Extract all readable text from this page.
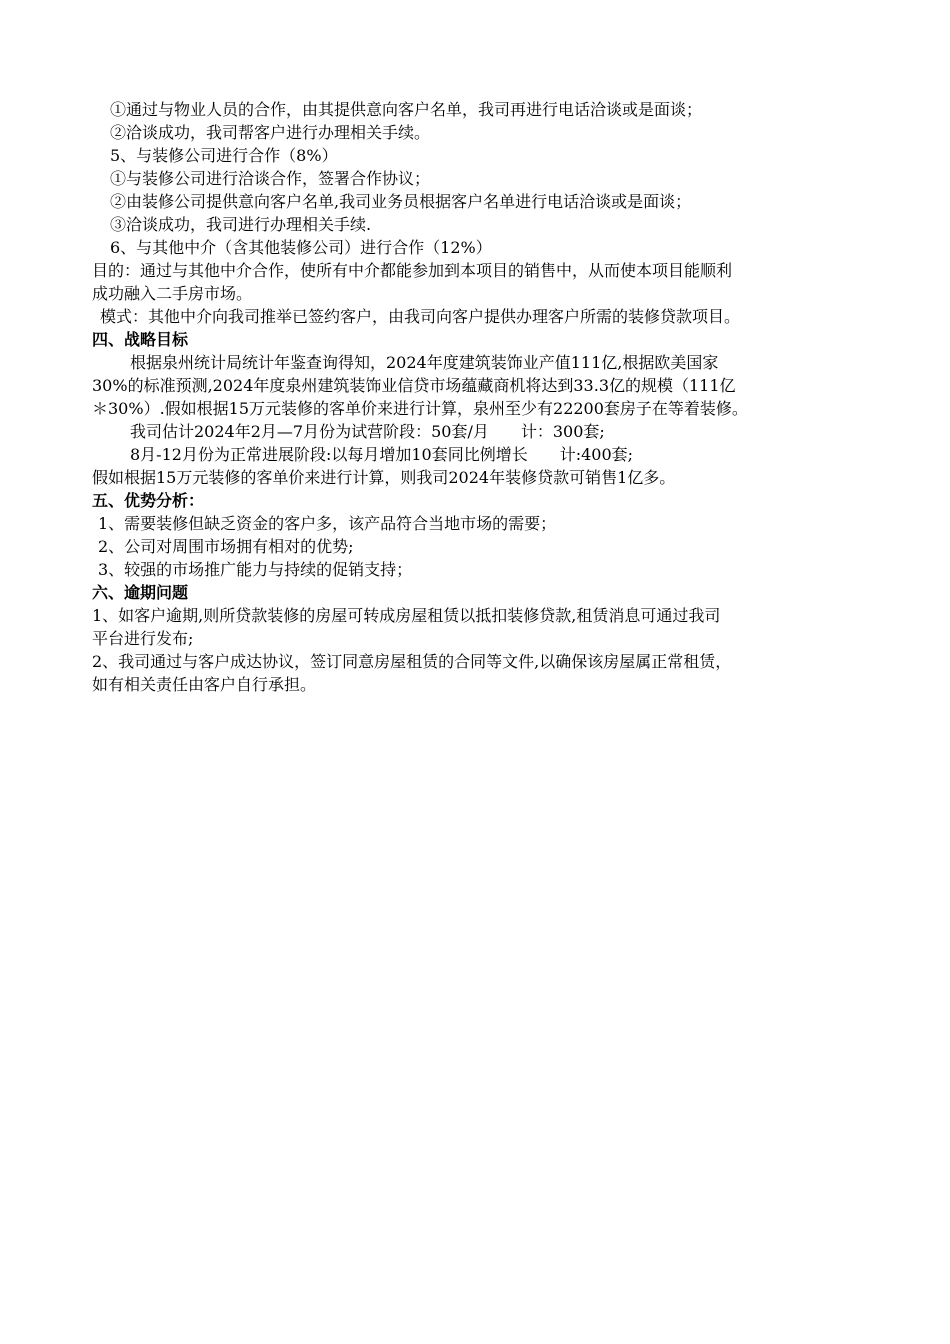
①通过与物业人员的合作，由其提供意向客户名单，我司再进行电话洽谈或是面谈；
②洽谈成功，我司帮客户进行办理相关手续。
5、与装修公司进行合作（8%）
①与装修公司进行洽谈合作，签署合作协议；
②由装修公司提供意向客户名单,我司业务员根据客户名单进行电话洽谈或是面谈；
③洽谈成功，我司进行办理相关手续.
6、与其他中介（含其他装修公司）进行合作（12%）
目的：通过与其他中介合作，使所有中介都能参加到本项目的销售中，从而使本项目能顺利
成功融入二手房市场。
模式：其他中介向我司推举已签约客户，由我司向客户提供办理客户所需的装修贷款项目。
四、战略目标
根据泉州统计局统计年鉴查询得知，2024年度建筑装饰业产值111亿,根据欧美国家
30%的标准预测,2024年度泉州建筑装饰业信贷市场蕴藏商机将达到33.3亿的规模（111亿
＊30%）.假如根据15万元装修的客单价来进行计算，泉州至少有22200套房子在等着装修。
我司估计2024年2月—7月份为试营阶段：50套/月　　计：300套;
8月-12月份为正常进展阶段:以每月增加10套同比例增长　　计:400套;
假如根据15万元装修的客单价来进行计算，则我司2024年装修贷款可销售1亿多。
五、优势分析：
1、需要装修但缺乏资金的客户多，该产品符合当地市场的需要；
2、公司对周围市场拥有相对的优势;
3、较强的市场推广能力与持续的促销支持；
六、逾期问题
1、如客户逾期,则所贷款装修的房屋可转成房屋租赁以抵扣装修贷款,租赁消息可通过我司
平台进行发布;
2、我司通过与客户成达协议，签订同意房屋租赁的合同等文件,以确保该房屋属正常租赁，
如有相关责任由客户自行承担。
